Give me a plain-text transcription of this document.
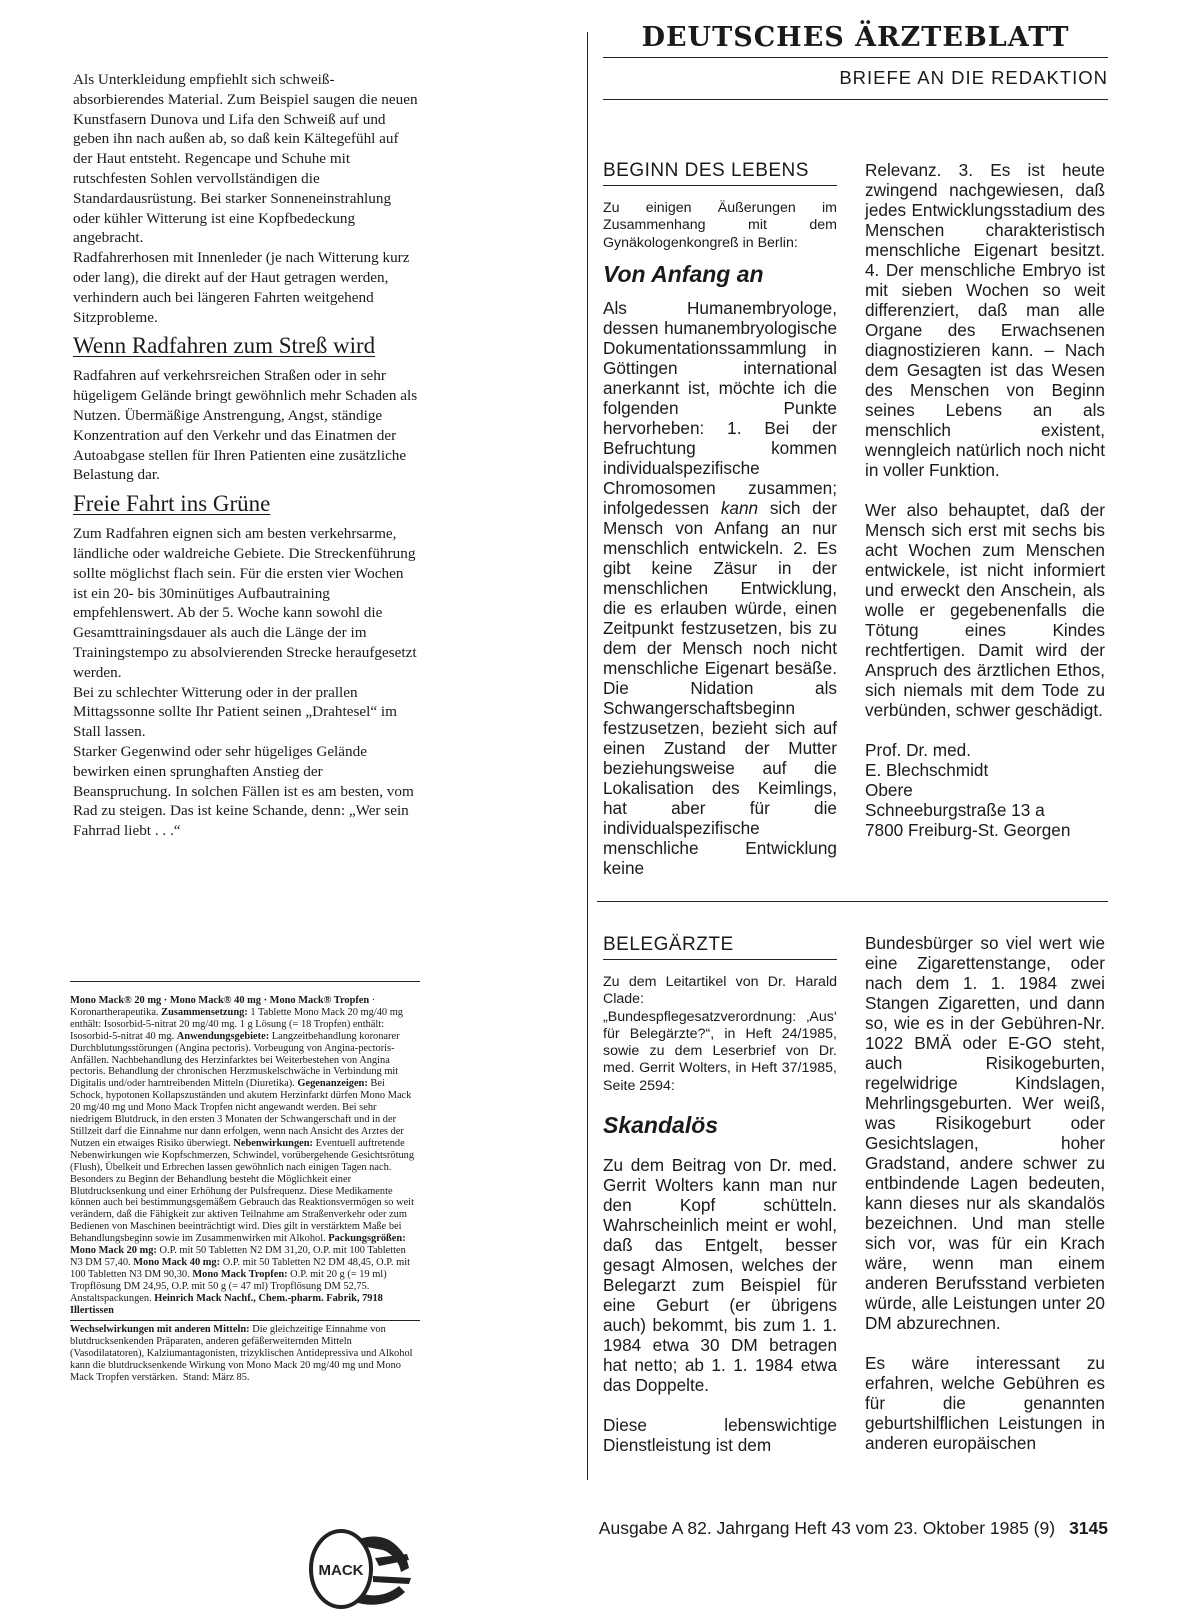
Als Unterkleidung empfiehlt sich schweiß-absorbierendes Material. Zum Beispiel saugen die neuen Kunstfasern Dunova und Lifa den Schweiß auf und geben ihn nach außen ab, so daß kein Kältegefühl auf der Haut entsteht. Regencape und Schuhe mit rutschfesten Sohlen vervollständigen die Standardausrüstung. Bei starker Sonneneinstrahlung oder kühler Witterung ist eine Kopfbedeckung angebracht.

Radfahrerhosen mit Innenleder (je nach Witterung kurz oder lang), die direkt auf der Haut getragen werden, verhindern auch bei längeren Fahrten weitgehend Sitzprobleme.

Wenn Radfahren zum Streß wird

Radfahren auf verkehrsreichen Straßen oder in sehr hügeligem Gelände bringt gewöhnlich mehr Schaden als Nutzen. Übermäßige Anstrengung, Angst, ständige Konzentration auf den Verkehr und das Einatmen der Autoabgase stellen für Ihren Patienten eine zusätzliche Belastung dar.

Freie Fahrt ins Grüne

Zum Radfahren eignen sich am besten verkehrsarme, ländliche oder waldreiche Gebiete. Die Streckenführung sollte möglichst flach sein. Für die ersten vier Wochen ist ein 20- bis 30minütiges Aufbautraining empfehlenswert. Ab der 5. Woche kann sowohl die Gesamttrainingsdauer als auch die Länge der im Trainingstempo zu absolvierenden Strecke heraufgesetzt werden.

Bei zu schlechter Witterung oder in der prallen Mittagssonne sollte Ihr Patient seinen „Drahtesel“ im Stall lassen.

Starker Gegenwind oder sehr hügeliges Gelände bewirken einen sprunghaften Anstieg der Beanspruchung. In solchen Fällen ist es am besten, vom Rad zu steigen. Das ist keine Schande, denn: „Wer sein Fahrrad liebt . . .“

Mono Mack® 20 mg · Mono Mack® 40 mg · Mono Mack® Tropfen · Koronartherapeutika. Zusammensetzung: 1 Tablette Mono Mack 20 mg/40 mg enthält: Isosorbid-5-nitrat 20 mg/40 mg. 1 g Lösung (= 18 Tropfen) enthält: Isosorbid-5-nitrat 40 mg. Anwendungsgebiete: Langzeitbehandlung koronarer Durchblutungsstörungen (Angina pectoris). Vorbeugung von Angina-pectoris-Anfällen. Nachbehandlung des Herzinfarktes bei Weiterbestehen von Angina pectoris. Behandlung der chronischen Herzmuskelschwäche in Verbindung mit Digitalis und/oder harntreibenden Mitteln (Diuretika). Gegenanzeigen: Bei Schock, hypotonen Kollapszuständen und akutem Herzinfarkt dürfen Mono Mack 20 mg/40 mg und Mono Mack Tropfen nicht angewandt werden. Bei sehr niedrigem Blutdruck, in den ersten 3 Monaten der Schwangerschaft und in der Stillzeit darf die Einnahme nur dann erfolgen, wenn nach Ansicht des Arztes der Nutzen ein etwaiges Risiko überwiegt. Nebenwirkungen: Eventuell auftretende Nebenwirkungen wie Kopfschmerzen, Schwindel, vorübergehende Gesichtsrötung (Flush), Übelkeit und Erbrechen lassen gewöhnlich nach einigen Tagen nach. Besonders zu Beginn der Behandlung besteht die Möglichkeit einer Blutdrucksenkung und einer Erhöhung der Pulsfrequenz. Diese Medikamente können auch bei bestimmungsgemäßem Gebrauch das Reaktionsvermögen so weit verändern, daß die Fähigkeit zur aktiven Teilnahme am Straßenverkehr oder zum Bedienen von Maschinen beeinträchtigt wird. Dies gilt in verstärktem Maße bei Behandlungsbeginn sowie im Zusammenwirken mit Alkohol. Packungsgrößen: Mono Mack 20 mg: O.P. mit 50 Tabletten N2 DM 31,20, O.P. mit 100 Tabletten N3 DM 57,40. Mono Mack 40 mg: O.P. mit 50 Tabletten N2 DM 48,45, O.P. mit 100 Tabletten N3 DM 90,30. Mono Mack Tropfen: O.P. mit 20 g (= 19 ml) Tropflösung DM 24,95, O.P. mit 50 g (= 47 ml) Tropflösung DM 52,75. Anstaltspackungen. Heinrich Mack Nachf., Chem.-pharm. Fabrik, 7918 Illertissen
Wechselwirkungen mit anderen Mitteln: Die gleichzeitige Einnahme von blutdrucksenkenden Präparaten, anderen gefäßerweiternden Mitteln (Vasodilatatoren), Kalziumantagonisten, trizyklischen Antidepressiva und Alkohol kann die blutdrucksenkende Wirkung von Mono Mack 20 mg/40 mg und Mono Mack Tropfen verstärken. Stand: März 85.
MACK
DEUTSCHES ÄRZTEBLATT
BRIEFE AN DIE REDAKTION
BEGINN DES LEBENS
Zu einigen Äußerungen im Zusammenhang mit dem Gynäkologenkongreß in Berlin:
Von Anfang an

Als Humanembryologe, dessen humanembryologische Dokumentationssammlung in Göttingen international anerkannt ist, möchte ich die folgenden Punkte hervorheben: 1. Bei der Befruchtung kommen individualspezifische Chromosomen zusammen; infolgedessen kann sich der Mensch von Anfang an nur menschlich entwickeln. 2. Es gibt keine Zäsur in der menschlichen Entwicklung, die es erlauben würde, einen Zeitpunkt festzusetzen, bis zu dem der Mensch noch nicht menschliche Eigenart besäße. Die Nidation als Schwangerschaftsbeginn festzusetzen, bezieht sich auf einen Zustand der Mutter beziehungsweise auf die Lokalisation des Keimlings, hat aber für die individualspezifische menschliche Entwicklung keine

Relevanz. 3. Es ist heute zwingend nachgewiesen, daß jedes Entwicklungsstadium des Menschen charakteristisch menschliche Eigenart besitzt. 4. Der menschliche Embryo ist mit sieben Wochen so weit differenziert, daß man alle Organe des Erwachsenen diagnostizieren kann. – Nach dem Gesagten ist das Wesen des Menschen von Beginn seines Lebens an als menschlich existent, wenngleich natürlich noch nicht in voller Funktion.

Wer also behauptet, daß der Mensch sich erst mit sechs bis acht Wochen zum Menschen entwickele, ist nicht informiert und erweckt den Anschein, als wolle er gegebenenfalls die Tötung eines Kindes rechtfertigen. Damit wird der Anspruch des ärztlichen Ethos, sich niemals mit dem Tode zu verbünden, schwer geschädigt.

Prof. Dr. med.

E. Blechschmidt

Obere

Schneeburgstraße 13 a

7800 Freiburg-St. Georgen

BELEGÄRZTE
Zu dem Leitartikel von Dr. Harald Clade: „Bundespflegesatzverordnung: ‚Aus‘ für Belegärzte?“, in Heft 24/1985, sowie zu dem Leserbrief von Dr. med. Gerrit Wolters, in Heft 37/1985, Seite 2594:
Skandalös

Zu dem Beitrag von Dr. med. Gerrit Wolters kann man nur den Kopf schütteln. Wahrscheinlich meint er wohl, daß das Entgelt, besser gesagt Almosen, welches der Belegarzt zum Beispiel für eine Geburt (er übrigens auch) bekommt, bis zum 1. 1. 1984 etwa 30 DM betragen hat netto; ab 1. 1. 1984 etwa das Doppelte.

Diese lebenswichtige Dienstleistung ist dem

Bundesbürger so viel wert wie eine Zigarettenstange, oder nach dem 1. 1. 1984 zwei Stangen Zigaretten, und dann so, wie es in der Gebühren-Nr. 1022 BMÄ oder E-GO steht, auch Risikogeburten, regelwidrige Kindslagen, Mehrlingsgeburten. Wer weiß, was Risikogeburt oder Gesichtslagen, hoher Gradstand, andere schwer zu entbindende Lagen bedeuten, kann dieses nur als skandalös bezeichnen. Und man stelle sich vor, was für ein Krach wäre, wenn man einem anderen Berufsstand verbieten würde, alle Leistungen unter 20 DM abzurechnen.

Es wäre interessant zu erfahren, welche Gebühren es für die genannten geburtshilflichen Leistungen in anderen europäischen

Ausgabe A 82. Jahrgang Heft 43 vom 23. Oktober 1985 (9) 3145
